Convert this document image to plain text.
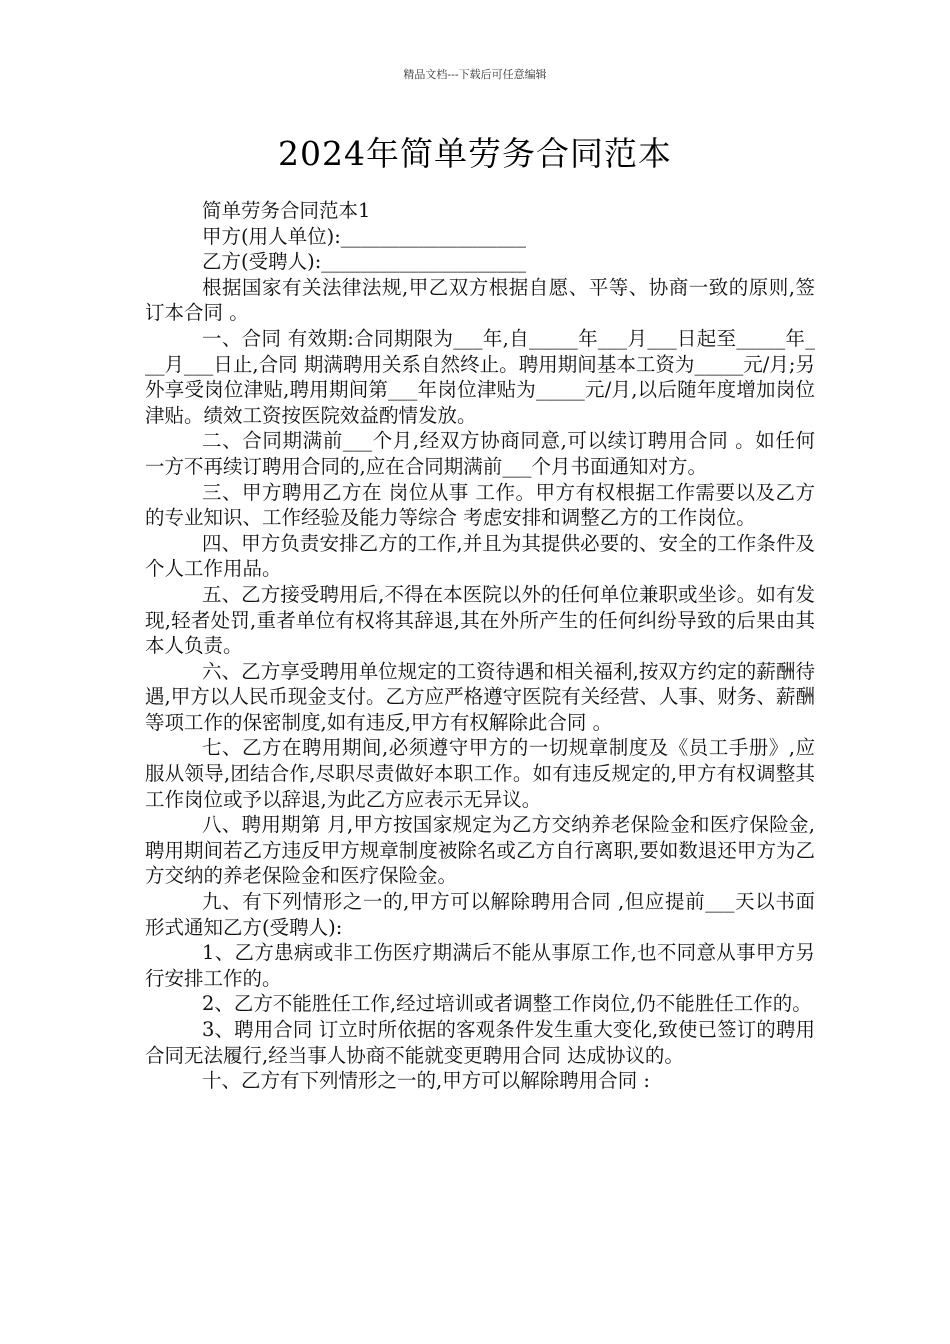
精品文档---下载后可任意编辑
2024年简单劳务合同范本

简单劳务合同范本1

甲方(用人单位):___________________

乙方(受聘人):_____________________

根据国家有关法律法规,甲乙双方根据自愿、平等、协商一致的原则,签订本合同 。

一、合同 有效期:合同期限为___年,自_____年___月___日起至_____年___月___日止,合同 期满聘用关系自然终止。聘用期间基本工资为_____元/月;另外享受岗位津贴,聘用期间第___年岗位津贴为_____元/月,以后随年度增加岗位津贴。绩效工资按医院效益酌情发放。

二、合同期满前___个月,经双方协商同意,可以续订聘用合同 。如任何一方不再续订聘用合同的,应在合同期满前___个月书面通知对方。

三、甲方聘用乙方在 岗位从事 工作。甲方有权根据工作需要以及乙方的专业知识、工作经验及能力等综合 考虑安排和调整乙方的工作岗位。

四、甲方负责安排乙方的工作,并且为其提供必要的、安全的工作条件及个人工作用品。

五、乙方接受聘用后,不得在本医院以外的任何单位兼职或坐诊。如有发现,轻者处罚,重者单位有权将其辞退,其在外所产生的任何纠纷导致的后果由其本人负责。

六、乙方享受聘用单位规定的工资待遇和相关福利,按双方约定的薪酬待遇,甲方以人民币现金支付。乙方应严格遵守医院有关经营、人事、财务、薪酬等项工作的保密制度,如有违反,甲方有权解除此合同 。

七、乙方在聘用期间,必须遵守甲方的一切规章制度及《员工手册》,应服从领导,团结合作,尽职尽责做好本职工作。如有违反规定的,甲方有权调整其工作岗位或予以辞退,为此乙方应表示无异议。

八、聘用期第 月,甲方按国家规定为乙方交纳养老保险金和医疗保险金,聘用期间若乙方违反甲方规章制度被除名或乙方自行离职,要如数退还甲方为乙方交纳的养老保险金和医疗保险金。

九、有下列情形之一的,甲方可以解除聘用合同 ,但应提前___天以书面形式通知乙方(受聘人):

1、乙方患病或非工伤医疗期满后不能从事原工作,也不同意从事甲方另行安排工作的。

2、乙方不能胜任工作,经过培训或者调整工作岗位,仍不能胜任工作的。

3、聘用合同 订立时所依据的客观条件发生重大变化,致使已签订的聘用合同无法履行,经当事人协商不能就变更聘用合同 达成协议的。

十、乙方有下列情形之一的,甲方可以解除聘用合同 :
